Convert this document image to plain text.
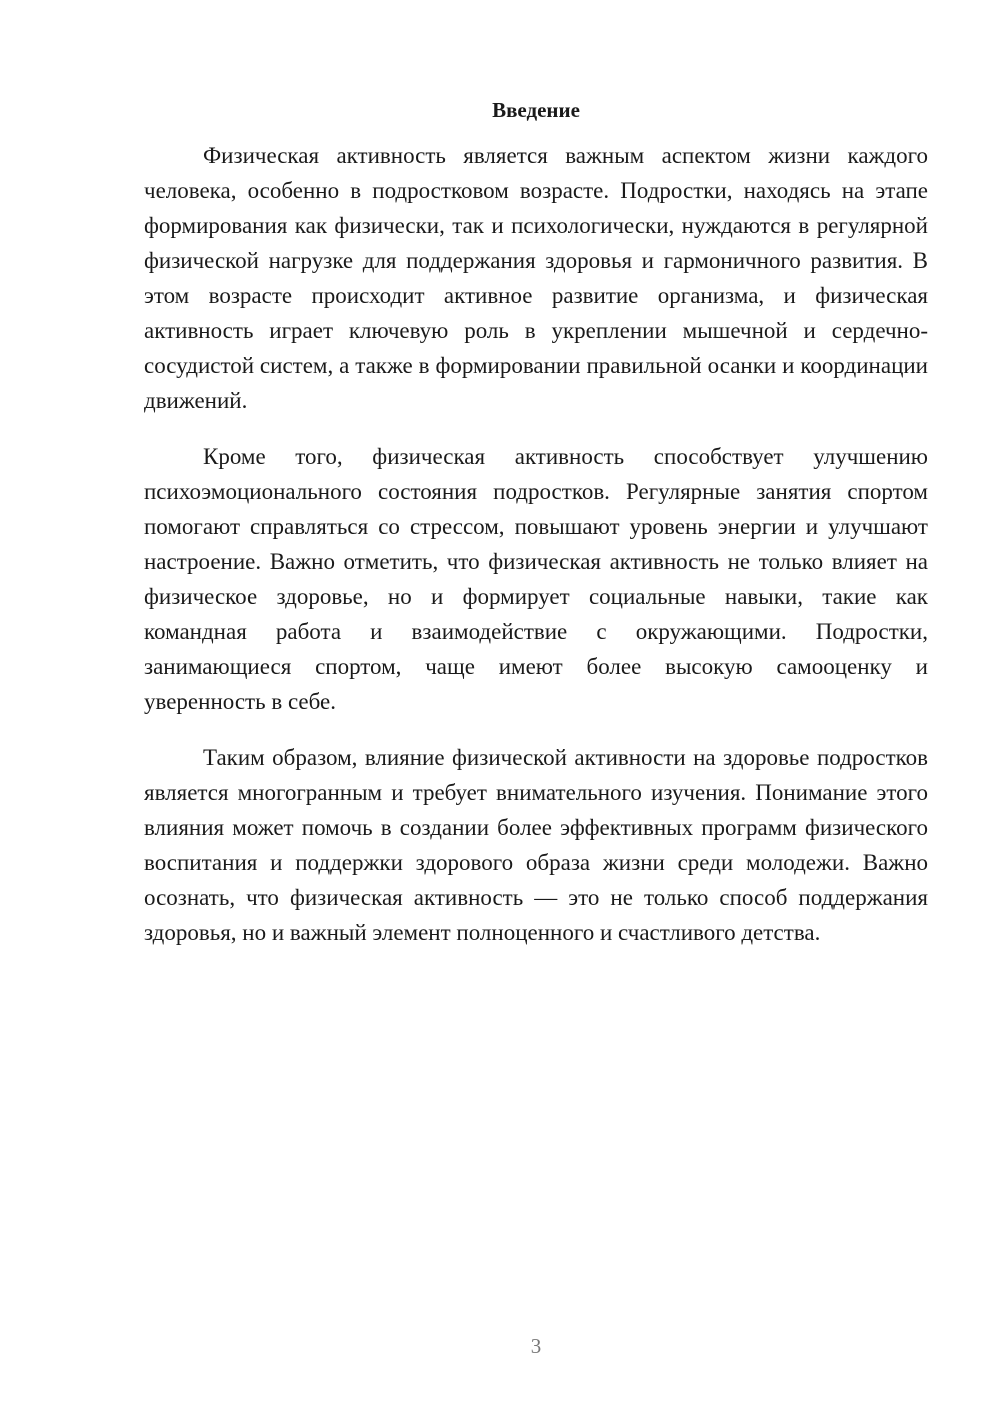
Введение

Физическая активность является важным аспектом жизни каждого человека, особенно в подростковом возрасте. Подростки, находясь на этапе формирования как физически, так и психологически, нуждаются в регулярной физической нагрузке для поддержания здоровья и гармоничного развития. В этом возрасте происходит активное развитие организма, и физическая активность играет ключевую роль в укреплении мышечной и сердечно-сосудистой систем, а также в формировании правильной осанки и координации движений.

Кроме того, физическая активность способствует улучшению психоэмоционального состояния подростков. Регулярные занятия спортом помогают справляться со стрессом, повышают уровень энергии и улучшают настроение. Важно отметить, что физическая активность не только влияет на физическое здоровье, но и формирует социальные навыки, такие как командная работа и взаимодействие с окружающими. Подростки, занимающиеся спортом, чаще имеют более высокую самооценку и уверенность в себе.

Таким образом, влияние физической активности на здоровье подростков является многогранным и требует внимательного изучения. Понимание этого влияния может помочь в создании более эффективных программ физического воспитания и поддержки здорового образа жизни среди молодежи. Важно осознать, что физическая активность — это не только способ поддержания здоровья, но и важный элемент полноценного и счастливого детства.

3
